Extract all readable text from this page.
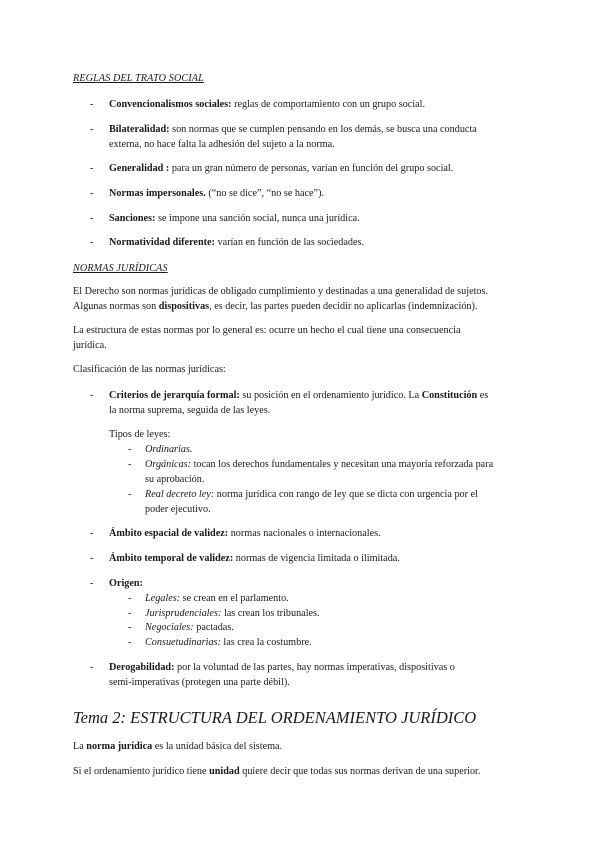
REGLAS DEL TRATO SOCIAL
- Convencionalismos sociales: reglas de comportamiento con un grupo social.
- Bilateralidad: son normas que se cumplen pensando en los demás, se busca una conducta
externa, no hace falta la adhesión del sujeto a la norma.
- Generalidad : para un gran número de personas, varían en función del grupo social.
- Normas impersonales. (“no se dice”, “no se hace”).
- Sanciones: se impone una sanción social, nunca una jurídica.
- Normatividad diferente: varían en función de las sociedades.
NORMAS JURÍDICAS
El Derecho son normas jurídicas de obligado cumplimiento y destinadas a una generalidad de sujetos.
Algunas normas son dispositivas, es decir, las partes pueden decidir no aplicarlas (indemnización).
La estructura de estas normas por lo general es: ocurre un hecho el cual tiene una consecuencia
jurídica.
Clasificación de las normas jurídicas:
- Criterios de jerarquía formal: su posición en el ordenamiento jurídico. La Constitución es
la norma suprema, seguida de las leyes.
Tipos de leyes:
- Ordinarias.
- Orgánicas: tocan los derechos fundamentales y necesitan una mayoría reforzada para
su aprobación.
- Real decreto ley: norma jurídica con rango de ley que se dicta con urgencia por el
poder ejecutivo.
- Ámbito espacial de validez: normas nacionales o internacionales.
- Ámbito temporal de validez: normas de vigencia limitada o ilimitada.
- Origen:
- Legales: se crean en el parlamento.
- Jurisprudenciales: las crean los tribunales.
- Negociales: pactadas.
- Consuetudinarias: las crea la costumbre.
- Derogabilidad: por la voluntad de las partes, hay normas imperativas, dispositivas o
semi-imperativas (protegen una parte débil).
Tema 2: ESTRUCTURA DEL ORDENAMIENTO JURÍDICO
La norma jurídica es la unidad básica del sistema.
Si el ordenamiento jurídico tiene unidad quiere decir que todas sus normas derivan de una superior.
